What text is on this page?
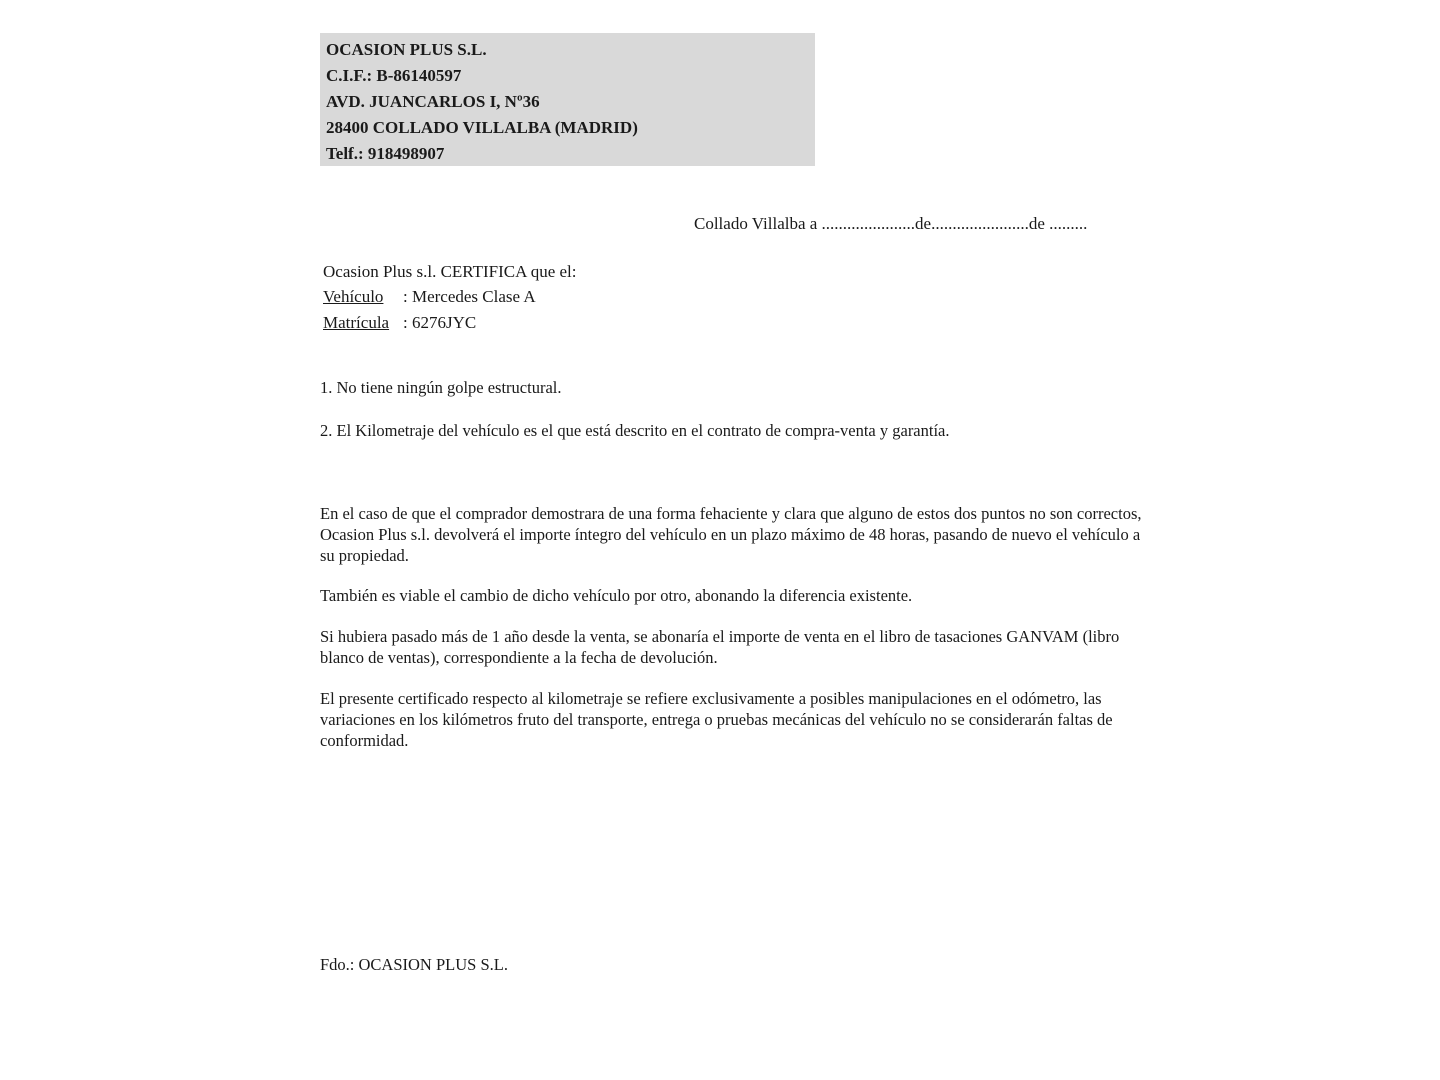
OCASION PLUS S.L.
C.I.F.: B-86140597
AVD. JUANCARLOS I, Nº36
28400 COLLADO VILLALBA (MADRID)
Telf.: 918498907
Collado Villalba a ......................de.......................de .........
Ocasion Plus s.l. CERTIFICA que el:
Vehículo : Mercedes Clase A
Matrícula : 6276JYC
1. No tiene ningún golpe estructural.
2. El Kilometraje del vehículo es el que está descrito en el contrato de compra-venta y garantía.
En el caso de que el comprador demostrara de una forma fehaciente y clara que alguno de estos dos puntos no son correctos, Ocasion Plus s.l. devolverá el importe íntegro del vehículo en un plazo máximo de 48 horas, pasando de nuevo el vehículo a su propiedad.
También es viable el cambio de dicho vehículo por otro, abonando la diferencia existente.
Si hubiera pasado más de 1 año desde la venta, se abonaría el importe de venta en el libro de tasaciones GANVAM (libro blanco de ventas), correspondiente a la fecha de devolución.
El presente certificado respecto al kilometraje se refiere exclusivamente a posibles manipulaciones en el odómetro, las variaciones en los kilómetros fruto del transporte, entrega o pruebas mecánicas del vehículo no se considerarán faltas de conformidad.
Fdo.: OCASION PLUS S.L.
